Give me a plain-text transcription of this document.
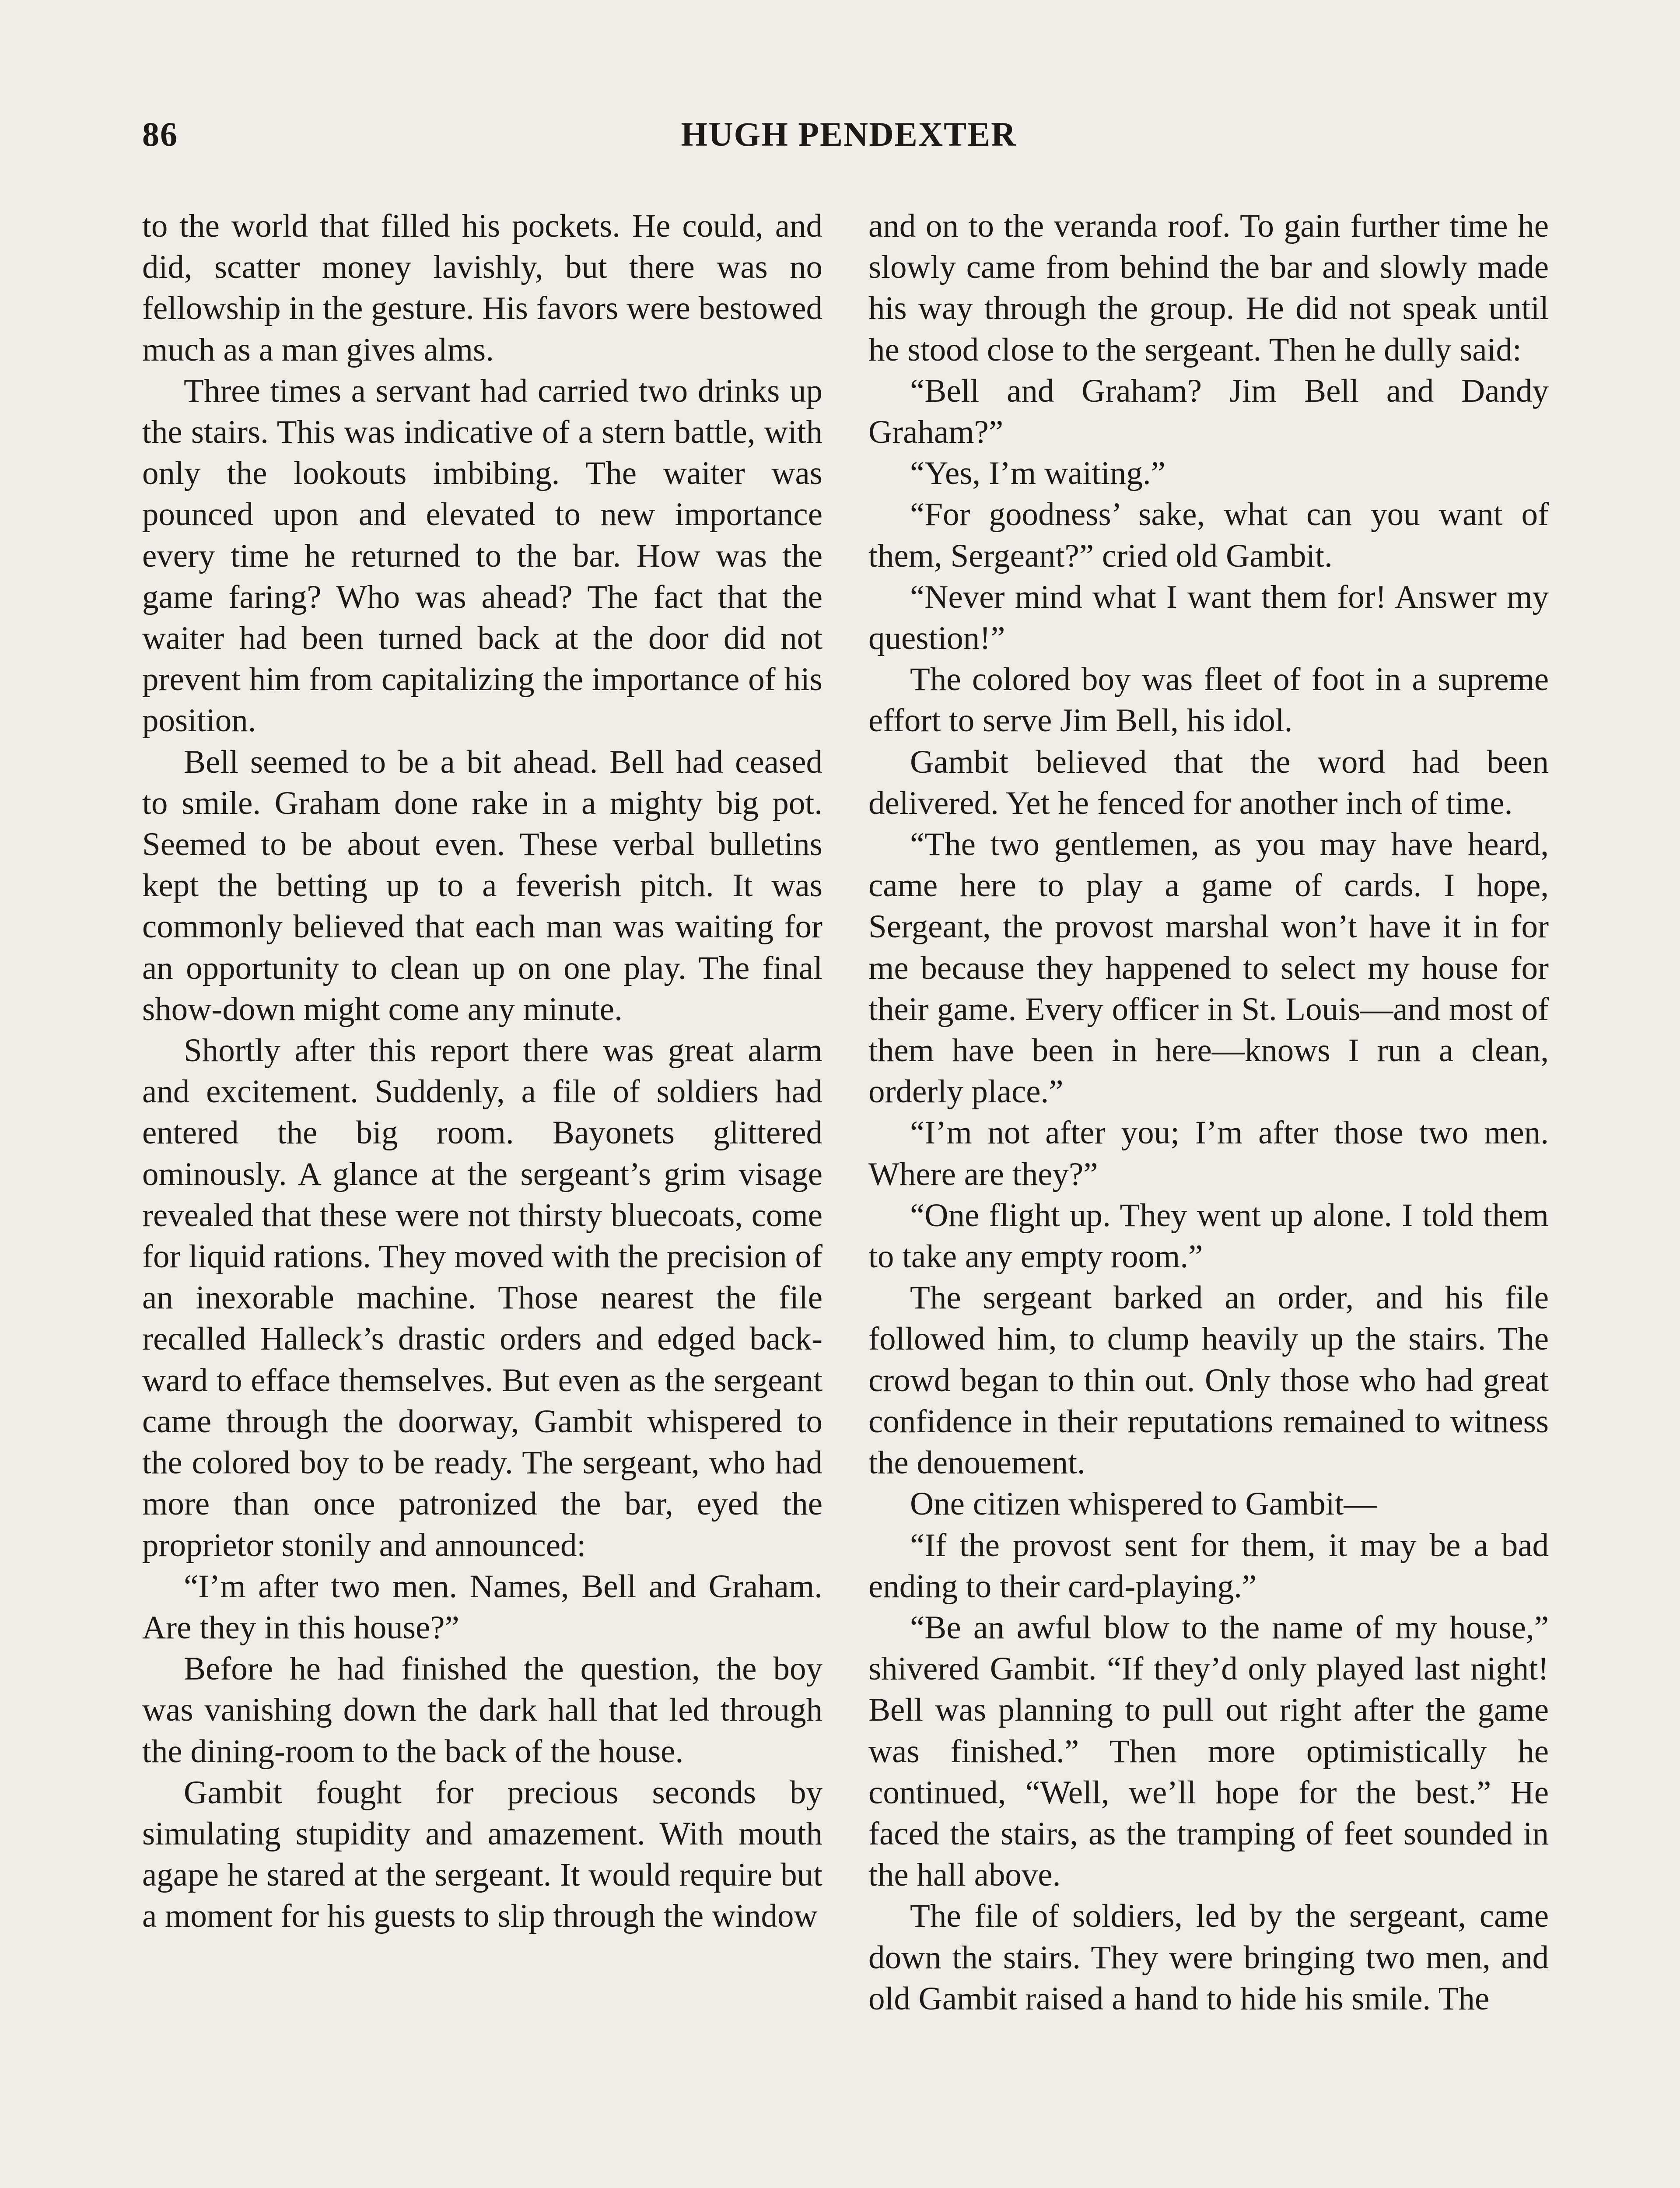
86	HUGH PENDEXTER

to the world that filled his pockets. He could, and did, scatter money lavishly, but there was no fellowship in the gesture. His favors were bestowed much as a man gives alms.

Three times a servant had carried two drinks up the stairs. This was indicative of a stern battle, with only the lookouts imbibing. The waiter was pounced upon and elevated to new importance every time he returned to the bar. How was the game faring? Who was ahead? The fact that the waiter had been turned back at the door did not prevent him from capitalizing the importance of his position.

Bell seemed to be a bit ahead. Bell had ceased to smile. Graham done rake in a mighty big pot. Seemed to be about even. These verbal bulletins kept the betting up to a feverish pitch. It was commonly believed that each man was waiting for an opportunity to clean up on one play. The final show-down might come any minute.

Shortly after this report there was great alarm and excitement. Suddenly, a file of soldiers had entered the big room. Bayonets glittered ominously. A glance at the sergeant’s grim visage revealed that these were not thirsty bluecoats, come for liquid rations. They moved with the precision of an inexorable machine. Those nearest the file recalled Halleck’s drastic orders and edged backward to efface themselves. But even as the sergeant came through the doorway, Gambit whispered to the colored boy to be ready. The sergeant, who had more than once patronized the bar, eyed the proprietor stonily and announced:

“I’m after two men. Names, Bell and Graham. Are they in this house?”

Before he had finished the question, the boy was vanishing down the dark hall that led through the dining-room to the back of the house.

Gambit fought for precious seconds by simulating stupidity and amazement. With mouth agape he stared at the sergeant. It would require but a moment for his guests to slip through the window

and on to the veranda roof. To gain further time he slowly came from behind the bar and slowly made his way through the group. He did not speak until he stood close to the sergeant. Then he dully said:

“Bell and Graham? Jim Bell and Dandy Graham?”

“Yes, I’m waiting.”

“For goodness’ sake, what can you want of them, Sergeant?” cried old Gambit.

“Never mind what I want them for! Answer my question!”

The colored boy was fleet of foot in a supreme effort to serve Jim Bell, his idol.

Gambit believed that the word had been delivered. Yet he fenced for another inch of time.

“The two gentlemen, as you may have heard, came here to play a game of cards. I hope, Sergeant, the provost marshal won’t have it in for me because they happened to select my house for their game. Every officer in St. Louis—and most of them have been in here—knows I run a clean, orderly place.”

“I’m not after you; I’m after those two men. Where are they?”

“One flight up. They went up alone. I told them to take any empty room.”

The sergeant barked an order, and his file followed him, to clump heavily up the stairs. The crowd began to thin out. Only those who had great confidence in their reputations remained to witness the denouement.

One citizen whispered to Gambit—

“If the provost sent for them, it may be a bad ending to their card-playing.”

“Be an awful blow to the name of my house,” shivered Gambit. “If they’d only played last night! Bell was planning to pull out right after the game was finished.” Then more optimistically he continued, “Well, we’ll hope for the best.” He faced the stairs, as the tramping of feet sounded in the hall above.

The file of soldiers, led by the sergeant, came down the stairs. They were bringing two men, and old Gambit raised a hand to hide his smile. The
